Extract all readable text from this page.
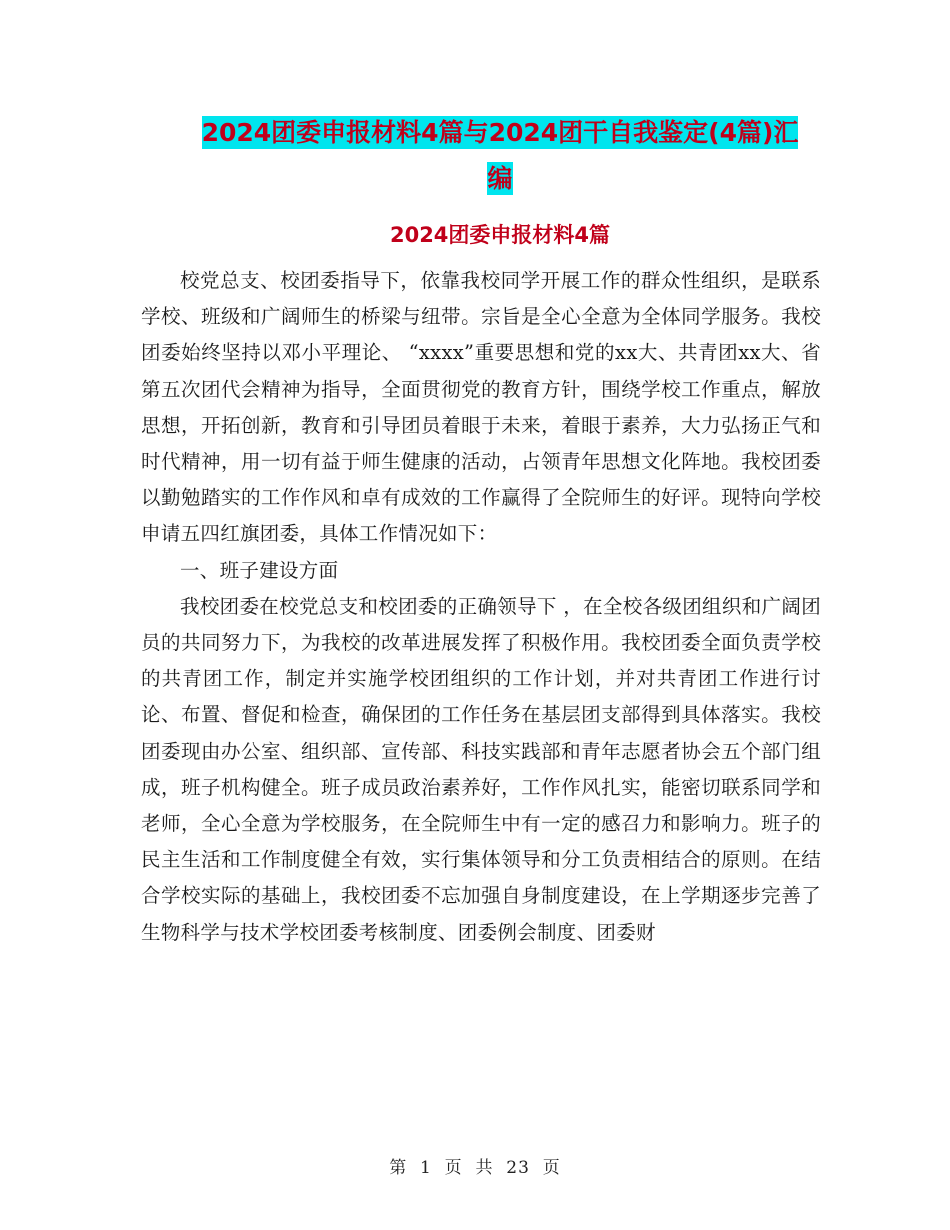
2024团委申报材料4篇与2024团干自我鉴定(4篇)汇
编
2024团委申报材料4篇

校党总支、校团委指导下，依靠我校同学开展工作的群众性组织，是联系学校、班级和广阔师生的桥梁与纽带。宗旨是全心全意为全体同学服务。我校团委始终坚持以邓小平理论、 “xxxx”重要思想和党的xx大、共青团xx大、省第五次团代会精神为指导，全面贯彻党的教育方针，围绕学校工作重点，解放思想，开拓创新，教育和引导团员着眼于未来，着眼于素养，大力弘扬正气和时代精神，用一切有益于师生健康的活动，占领青年思想文化阵地。我校团委以勤勉踏实的工作作风和卓有成效的工作赢得了全院师生的好评。现特向学校申请五四红旗团委，具体工作情况如下：

一、班子建设方面

我校团委在校党总支和校团委的正确领导下 ，在全校各级团组织和广阔团员的共同努力下，为我校的改革进展发挥了积极作用。我校团委全面负责学校的共青团工作，制定并实施学校团组织的工作计划，并对共青团工作进行讨论、布置、督促和检查，确保团的工作任务在基层团支部得到具体落实。我校团委现由办公室、组织部、宣传部、科技实践部和青年志愿者协会五个部门组成，班子机构健全。班子成员政治素养好，工作作风扎实，能密切联系同学和老师，全心全意为学校服务，在全院师生中有一定的感召力和影响力。班子的民主生活和工作制度健全有效，实行集体领导和分工负责相结合的原则。在结合学校实际的基础上，我校团委不忘加强自身制度建设，在上学期逐步完善了生物科学与技术学校团委考核制度、团委例会制度、团委财

第  1  页  共  23  页
